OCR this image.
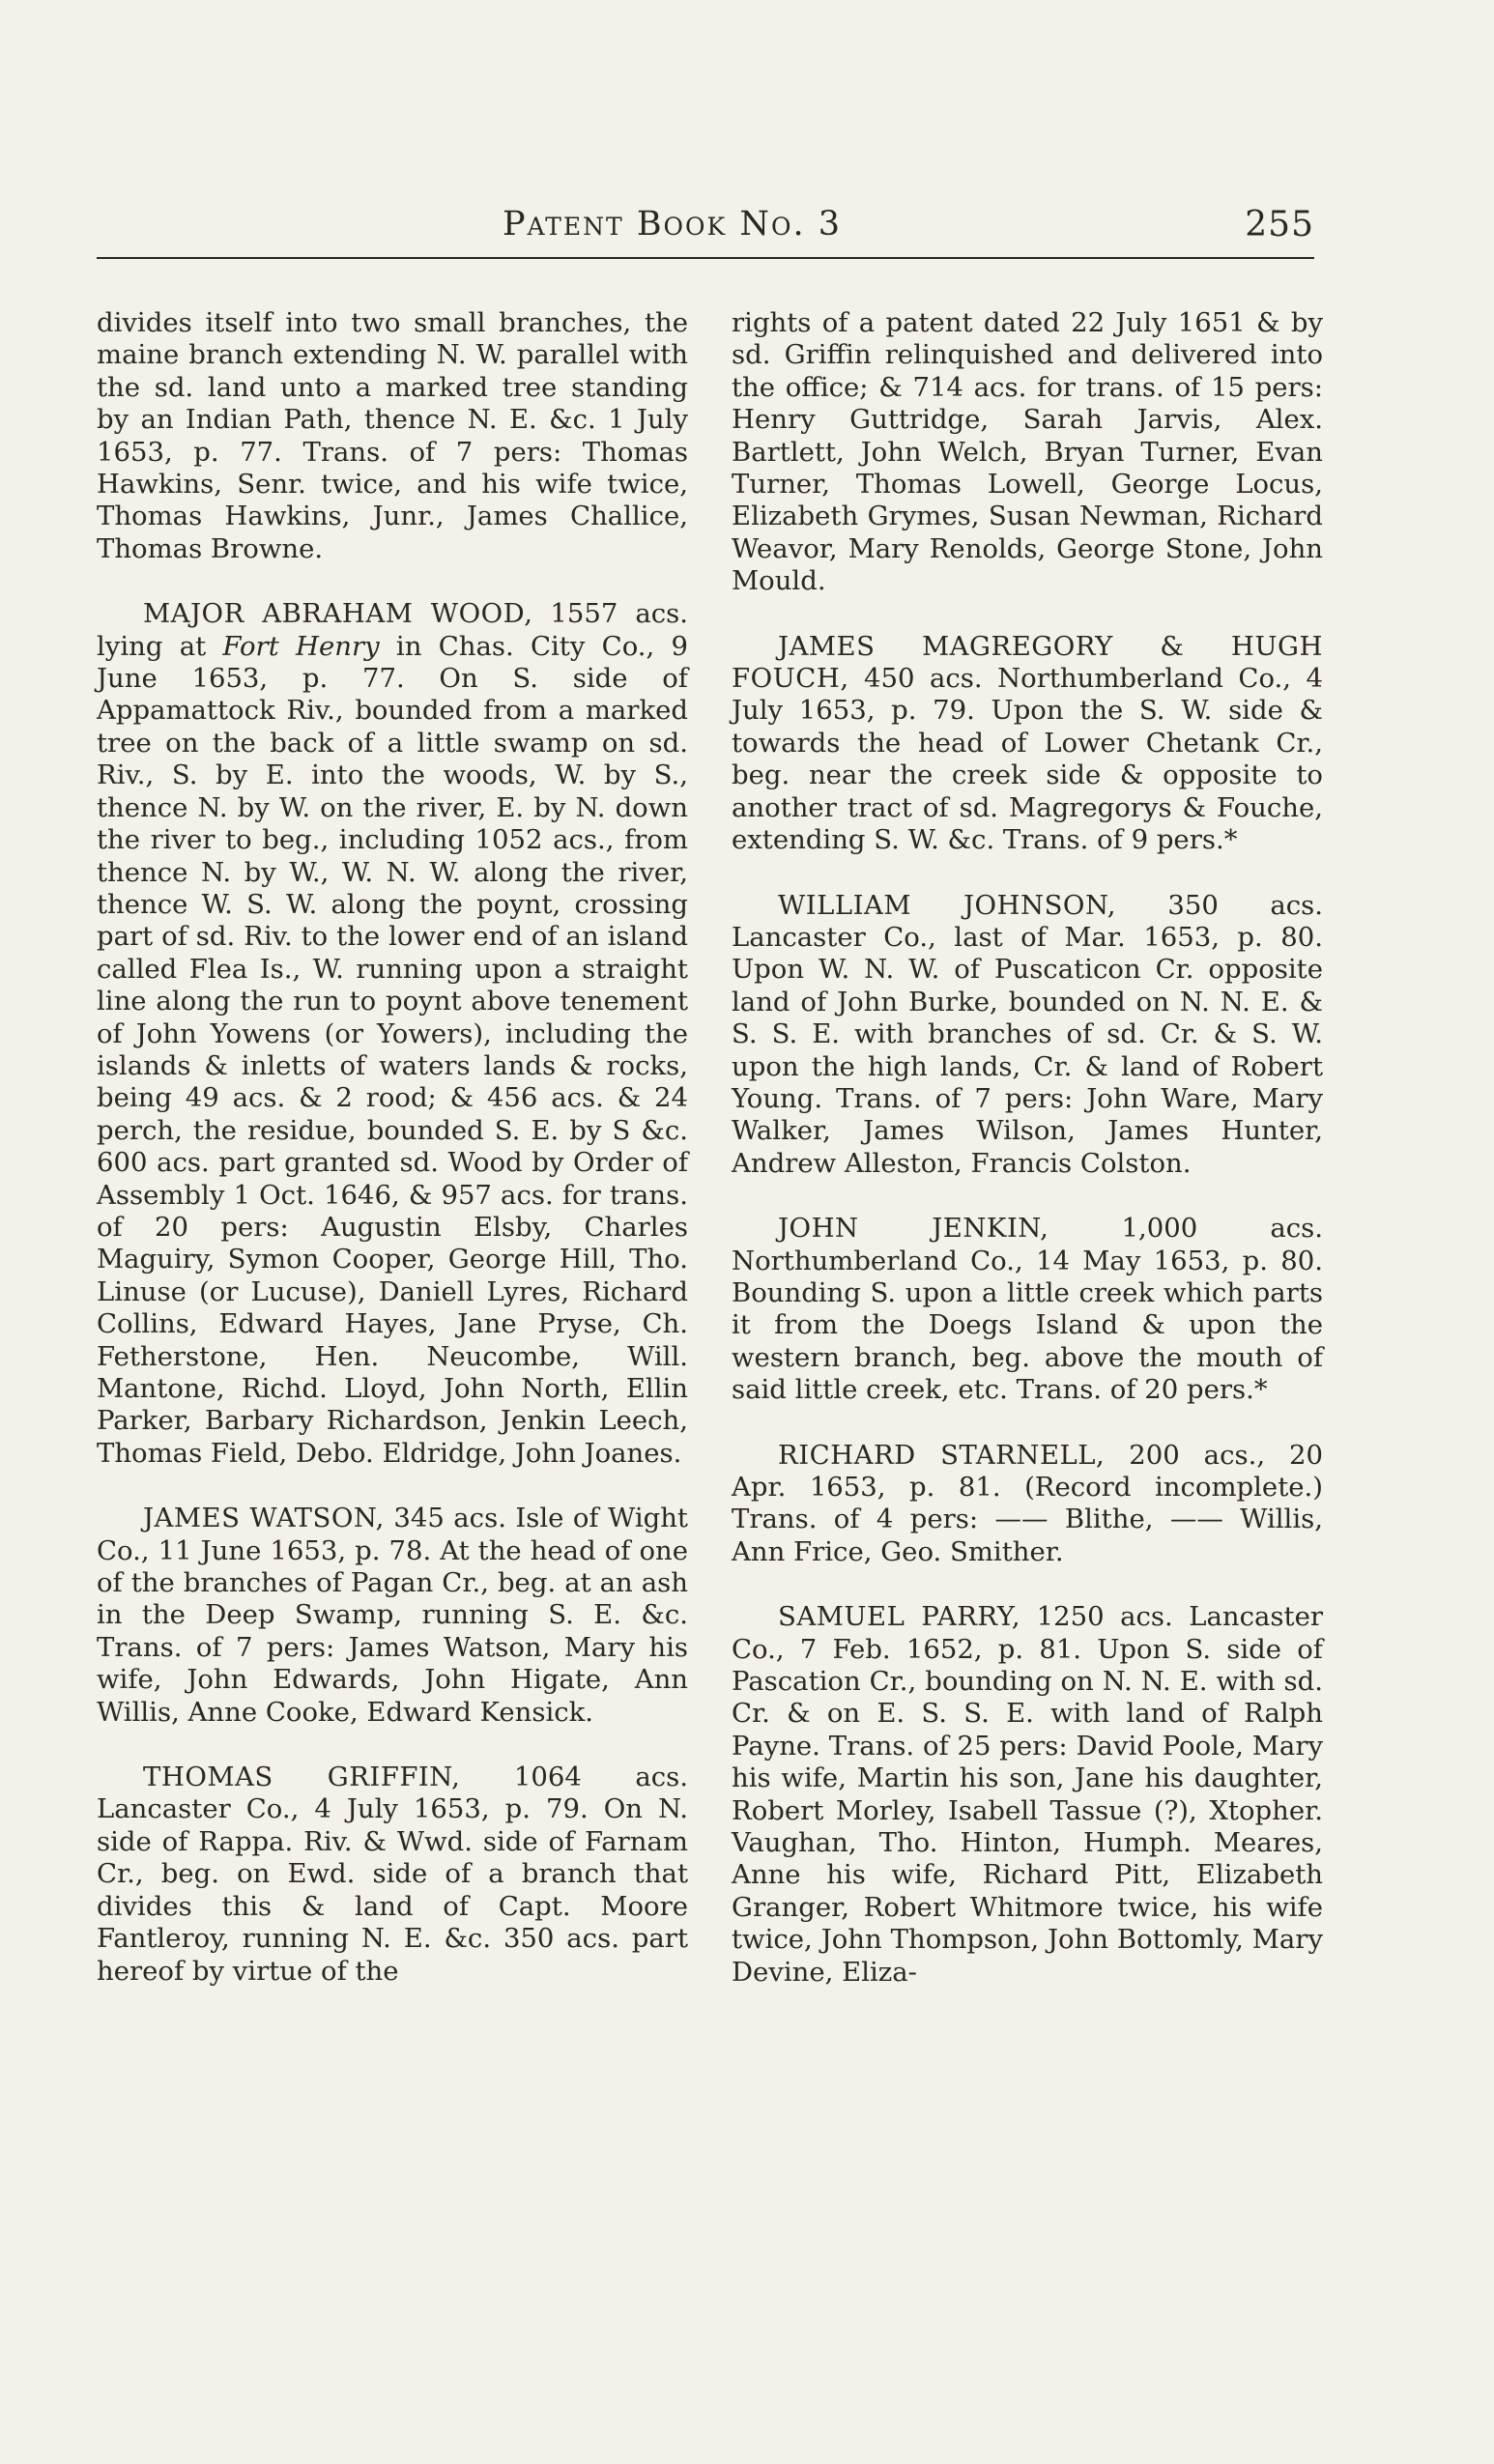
Patent Book No. 3	255

divides itself into two small branches, the maine branch extending N. W. parallel with the sd. land unto a marked tree standing by an Indian Path, thence N. E. &c. 1 July 1653, p. 77. Trans. of 7 pers: Thomas Hawkins, Senr. twice, and his wife twice, Thomas Hawkins, Junr., James Challice, Thomas Browne.

MAJOR ABRAHAM WOOD, 1557 acs. lying at Fort Henry in Chas. City Co., 9 June 1653, p. 77. On S. side of Appamattock Riv., bounded from a marked tree on the back of a little swamp on sd. Riv., S. by E. into the woods, W. by S., thence N. by W. on the river, E. by N. down the river to beg., including 1052 acs., from thence N. by W., W. N. W. along the river, thence W. S. W. along the poynt, crossing part of sd. Riv. to the lower end of an island called Flea Is., W. running upon a straight line along the run to poynt above tenement of John Yowens (or Yowers), including the islands & inletts of waters lands & rocks, being 49 acs. & 2 rood; & 456 acs. & 24 perch, the residue, bounded S. E. by S &c. 600 acs. part granted sd. Wood by Order of Assembly 1 Oct. 1646, & 957 acs. for trans. of 20 pers: Augustin Elsby, Charles Maguiry, Symon Cooper, George Hill, Tho. Linuse (or Lucuse), Daniell Lyres, Richard Collins, Edward Hayes, Jane Pryse, Ch. Fetherstone, Hen. Neucombe, Will. Mantone, Richd. Lloyd, John North, Ellin Parker, Barbary Richardson, Jenkin Leech, Thomas Field, Debo. Eldridge, John Joanes.

JAMES WATSON, 345 acs. Isle of Wight Co., 11 June 1653, p. 78. At the head of one of the branches of Pagan Cr., beg. at an ash in the Deep Swamp, running S. E. &c. Trans. of 7 pers: James Watson, Mary his wife, John Edwards, John Higate, Ann Willis, Anne Cooke, Edward Kensick.

THOMAS GRIFFIN, 1064 acs. Lancaster Co., 4 July 1653, p. 79. On N. side of Rappa. Riv. & Wwd. side of Farnam Cr., beg. on Ewd. side of a branch that divides this & land of Capt. Moore Fantleroy, running N. E. &c. 350 acs. part hereof by virtue of the

rights of a patent dated 22 July 1651 & by sd. Griffin relinquished and delivered into the office; & 714 acs. for trans. of 15 pers: Henry Guttridge, Sarah Jarvis, Alex. Bartlett, John Welch, Bryan Turner, Evan Turner, Thomas Lowell, George Locus, Elizabeth Grymes, Susan Newman, Richard Weavor, Mary Renolds, George Stone, John Mould.

JAMES MAGREGORY & HUGH FOUCH, 450 acs. Northumberland Co., 4 July 1653, p. 79. Upon the S. W. side & towards the head of Lower Chetank Cr., beg. near the creek side & opposite to another tract of sd. Magregorys & Fouche, extending S. W. &c. Trans. of 9 pers.*

WILLIAM JOHNSON, 350 acs. Lancaster Co., last of Mar. 1653, p. 80. Upon W. N. W. of Puscaticon Cr. opposite land of John Burke, bounded on N. N. E. & S. S. E. with branches of sd. Cr. & S. W. upon the high lands, Cr. & land of Robert Young. Trans. of 7 pers: John Ware, Mary Walker, James Wilson, James Hunter, Andrew Alleston, Francis Colston.

JOHN JENKIN, 1,000 acs. Northumberland Co., 14 May 1653, p. 80. Bounding S. upon a little creek which parts it from the Doegs Island & upon the western branch, beg. above the mouth of said little creek, etc. Trans. of 20 pers.*

RICHARD STARNELL, 200 acs., 20 Apr. 1653, p. 81. (Record incomplete.) Trans. of 4 pers: —— Blithe, —— Willis, Ann Frice, Geo. Smither.

SAMUEL PARRY, 1250 acs. Lancaster Co., 7 Feb. 1652, p. 81. Upon S. side of Pascation Cr., bounding on N. N. E. with sd. Cr. & on E. S. S. E. with land of Ralph Payne. Trans. of 25 pers: David Poole, Mary his wife, Martin his son, Jane his daughter, Robert Morley, Isabell Tassue (?), Xtopher. Vaughan, Tho. Hinton, Humph. Meares, Anne his wife, Richard Pitt, Elizabeth Granger, Robert Whitmore twice, his wife twice, John Thompson, John Bottomly, Mary Devine, Eliza-
